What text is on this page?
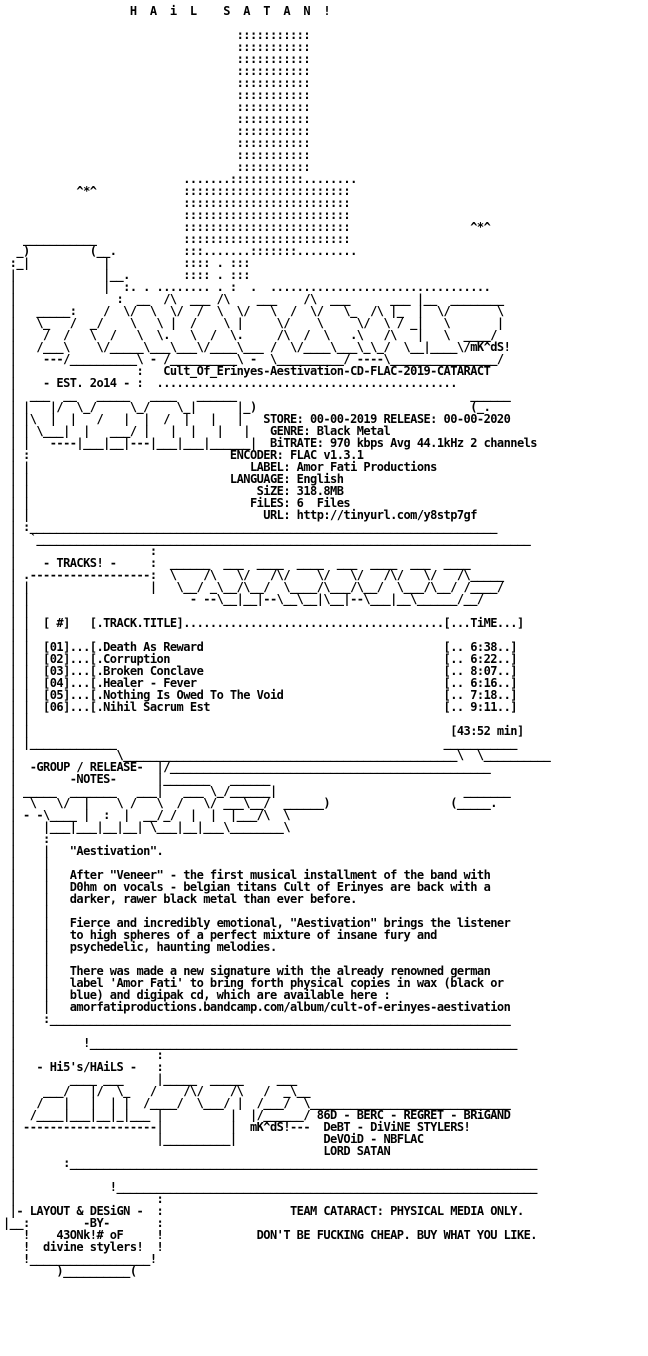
H  A  i  L    S  A  T  A  N  !

:::::::::::
:::::::::::
:::::::::::
:::::::::::
:::::::::::
:::::::::::
:::::::::::
:::::::::::
:::::::::::
:::::::::::
:::::::::::
:::::::::::
.......:::::::::::........
^*^             :::::::::::::::::::::::::
:::::::::::::::::::::::::
:::::::::::::::::::::::::
:::::::::::::::::::::::::                  ^*^
___________             :::::::::::::::::::::::::
_)         (__.          :::.......:::::::.........
:_|           |           :::: . :::
|             |__.        :::: . :::
|             |  :. . ........ . :  .  .................................
|               :  __  /\  ___ /\    ___    /\  ___      ___ |__  ________
|   _____:    /  \/  \  \/  /  \  \/   \  /  \/   \_  /\ |_  |  \/       \
|   \_   /  _/    \   \ |  /    \ |     \/    \     \/  \ / _|   \       |
|    /  /   \  /   \  \.   \  /  \.     /\  /  \   .\   /\   |   \  ____/
|   /___\    \/_____\___\___\/____\___ /  \/____\___\_\_/  \__|____\/mK^dS!
|    ---/__________\ - /__________\ -  \__________/ ----\________________/
|                  :   Cult_Of_Erinyes-Aestivation-CD-FLAC-2019-CATARACT
|    - EST. 2o14 - :  .............................................
|  ___  __   _____   ____   ______                                   ______
| |   |/  \_/     \_/    \_|      |_)                                (_.
| |\  |  |   /   |  |  /  |   |   |   STORE: 00-00-2019 RELEASE: 00-00-2020
| | \___|  |   ___/ |   |  |   |   |   GENRE: Black Metal
| |   ----|___|__|---|___|___|______|  BiTRATE: 970 kbps Avg 44.1kHz 2 channels
| :                              ENCODER: FLAC v1.3.1
| |                                 LABEL: Amor Fati Productions
| |                              LANGUAGE: English
| |                                  SiZE: 318.8MB
| |                                 FiLES: 6  Files
| |                                   URL: http://tinyurl.com/y8stp7gf
| :______________________________________________________________________
|  `__________________________________________________________________________
|                    :
|    - TRACKS! -     :  ______  ___  ____  ____  ___  ____  ___  ____
| .------------------:  \    /\   \/   /\/    \/   \/   /\/   \/   /\_____
| |                  |   \__/ _\__/\__/  \____/\___/\__/  \___/\__/ /____/
| |                        - --\__|__|--\__\__|\__|--\___|__\______/__/
| |
| |  [ #]   [.TRACK.TITLE].......................................[...TiME...]
| |
| |  [01]...[.Death As Reward                                    [.. 6:38..]
| |  [02]...[.Corruption                                         [.. 6:22..]
| |  [03]...[.Broken Conclave                                    [.. 8:07..]
| |  [04]...[.Healer - Fever                                     [.. 6:16..]
| |  [05]...[.Nothing Is Owed To The Void                        [.. 7:18..]
| |  [06]...[.Nihil Sacrum Est                                   [.. 9:11..]
| |
| |                                                               [43:52 min]
| |_____________                                                 ___________
|               \__________________________________________________\  \__________
|  -GROUP / RELEASE-  |/________________________________________________
|        -NOTES-      |_______   ______
| _____  _______   ___|   ___ \_/______|                            _______
|  \   \/  |    \ /   \  /   \/ ___\__/  ______)                  (_____.
| - -\____ |  :  |  __/_/  |  |  |___/\  \
|    |___|___|__|__| \___|__|___\________\
|    :
|    |   "Aestivation".
|    |
|    |   After "Veneer" - the first musical installment of the band with
|    |   D0hm on vocals - belgian titans Cult of Erinyes are back with a
|    |   darker, rawer black metal than ever before.
|    |
|    |   Fierce and incredibly emotional, "Aestivation" brings the listener
|    |   to high spheres of a perfect mixture of insane fury and
|    |   psychedelic, haunting melodies.
|    |
|    |   There was made a new signature with the already renowned german
|    |   label 'Amor Fati' to bring forth physical copies in wax (black or
|    |   blue) and digipak cd, which are available here :
|    |   amorfatiproductions.bandcamp.com/album/cult-of-erinyes-aestivation
|    :_____________________________________________________________________
|
|          !________________________________________________________________
|                     :
|   - Hi5's/HAiLS -   :
|        ____ ___     |_____  _____     ___
|    ___/   |/  \_   /    /\/    /\   /  _\__
|   /   |   |  | |  /____/  \___/ |  /___/  \______________________________
|  /____|___|__|_|___ |          |  |/______/ 86D - BERC - REGRET - BRiGAND
| --------------------|          |  mK^dS!---  DeBT - DiViNE STYLERS!
|                     |__________|             DeVOiD - NBFLAC
|                                              LORD SATAN
|       :______________________________________________________________________
|
|              !_______________________________________________________________
|                     :
|- LAYOUT & DESiGN -  :                   TEAM CATARACT: PHYSICAL MEDIA ONLY.
|__:        -BY-       :
!    43ONk!# oF     !              DON'T BE FUCKING CHEAP. BUY WHAT YOU LIKE.
!  divine stylers!  !
!__________________!
)__________(
